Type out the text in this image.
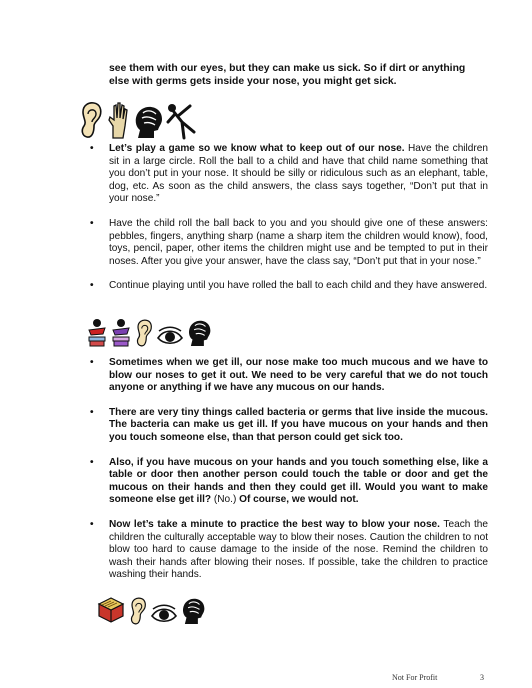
see them with our eyes, but they can make us sick. So if dirt or anything else with germs gets inside your nose, you might get sick.

• Let’s play a game so we know what to keep out of our nose. Have the children sit in a large circle. Roll the ball to a child and have that child name something that you don’t put in your nose. It should be silly or ridiculous such as an elephant, table, dog, etc. As soon as the child answers, the class says together, “Don’t put that in your nose.”

• Have the child roll the ball back to you and you should give one of these answers: pebbles, fingers, anything sharp (name a sharp item the children would know), food, toys, pencil, paper, other items the children might use and be tempted to put in their noses. After you give your answer, have the class say, “Don’t put that in your nose.”

• Continue playing until you have rolled the ball to each child and they have answered.

• Sometimes when we get ill, our nose make too much mucous and we have to blow our noses to get it out. We need to be very careful that we do not touch anyone or anything if we have any mucous on our hands.

• There are very tiny things called bacteria or germs that live inside the mucous. The bacteria can make us get ill. If you have mucous on your hands and then you touch someone else, than that person could get sick too.

• Also, if you have mucous on your hands and you touch something else, like a table or door then another person could touch the table or door and get the mucous on their hands and then they could get ill. Would you want to make someone else get ill? (No.) Of course, we would not.

• Now let’s take a minute to practice the best way to blow your nose. Teach the children the culturally acceptable way to blow their noses. Caution the children to not blow too hard to cause damage to the inside of the nose. Remind the children to wash their hands after blowing their noses. If possible, take the children to practice washing their hands.

Not For Profit	3
